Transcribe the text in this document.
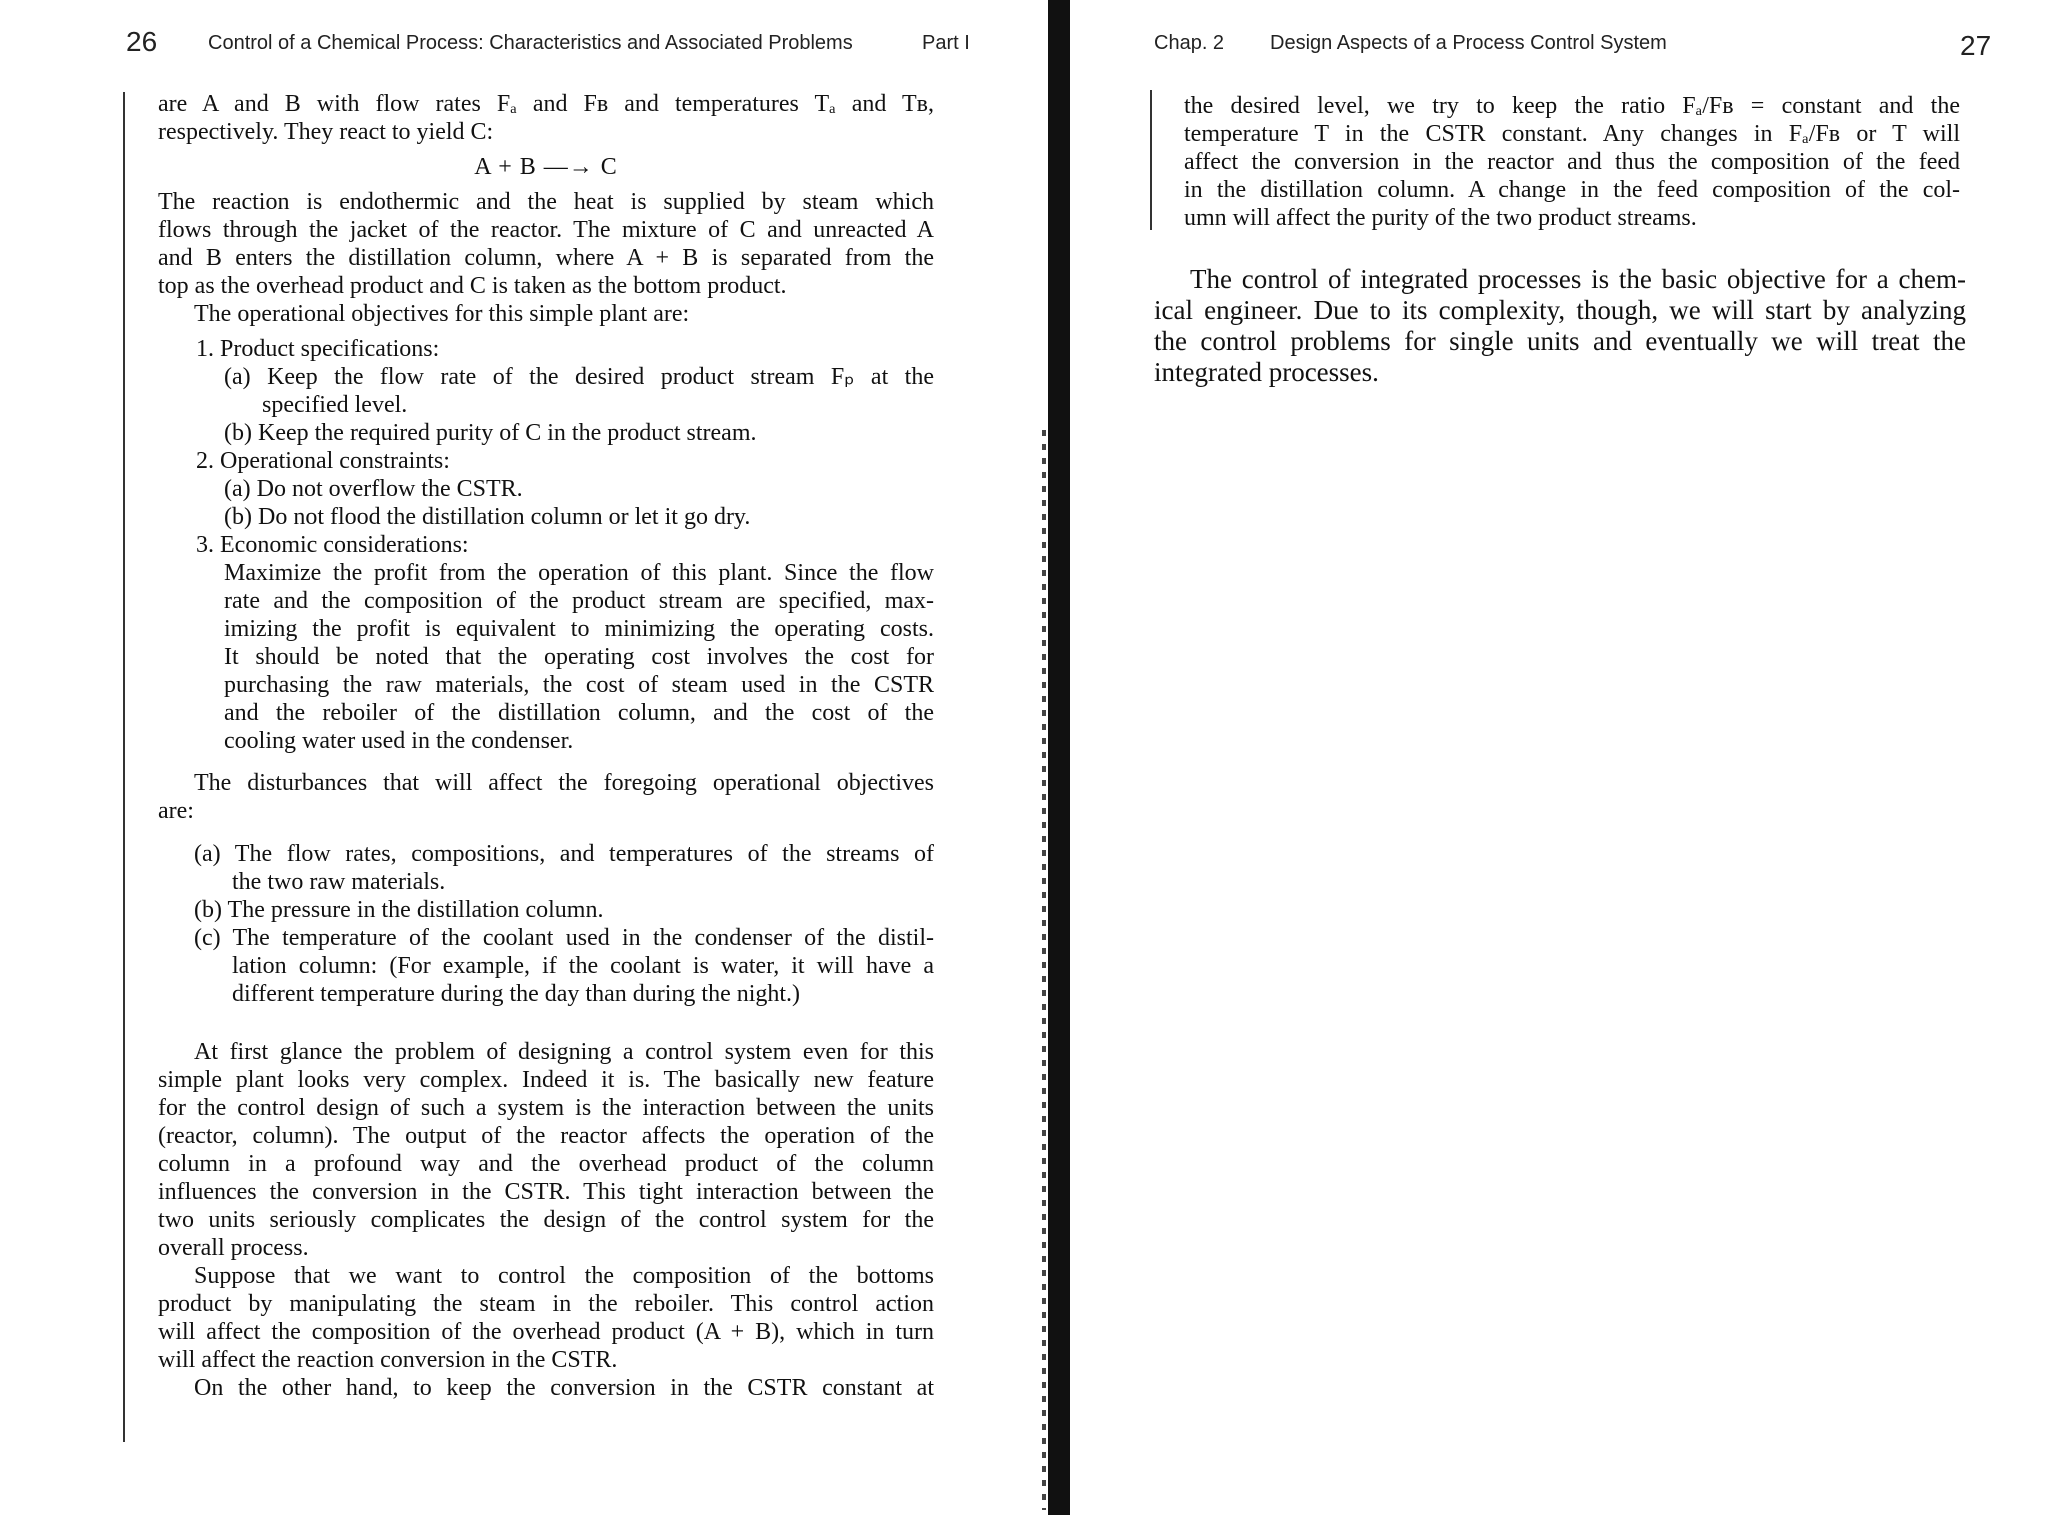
26	Control of a Chemical Process: Characteristics and Associated Problems	Part I

are A and B with flow rates Fₐ and Fʙ and temperatures Tₐ and Tʙ,

respectively. They react to yield C:

A + B —→ C

The reaction is endothermic and the heat is supplied by steam which

flows through the jacket of the reactor. The mixture of C and unreacted A

and B enters the distillation column, where A + B is separated from the

top as the overhead product and C is taken as the bottom product.

The operational objectives for this simple plant are:

1. Product specifications:

(a) Keep the flow rate of the desired product stream Fₚ at the

specified level.

(b) Keep the required purity of C in the product stream.

2. Operational constraints:

(a) Do not overflow the CSTR.

(b) Do not flood the distillation column or let it go dry.

3. Economic considerations:

Maximize the profit from the operation of this plant. Since the flow

rate and the composition of the product stream are specified, max-

imizing the profit is equivalent to minimizing the operating costs.

It should be noted that the operating cost involves the cost for

purchasing the raw materials, the cost of steam used in the CSTR

and the reboiler of the distillation column, and the cost of the

cooling water used in the condenser.

The disturbances that will affect the foregoing operational objectives

are:

(a) The flow rates, compositions, and temperatures of the streams of

the two raw materials.

(b) The pressure in the distillation column.

(c) The temperature of the coolant used in the condenser of the distil-

lation column: (For example, if the coolant is water, it will have a

different temperature during the day than during the night.)

At first glance the problem of designing a control system even for this

simple plant looks very complex. Indeed it is. The basically new feature

for the control design of such a system is the interaction between the units

(reactor, column). The output of the reactor affects the operation of the

column in a profound way and the overhead product of the column

influences the conversion in the CSTR. This tight interaction between the

two units seriously complicates the design of the control system for the

overall process.

Suppose that we want to control the composition of the bottoms

product by manipulating the steam in the reboiler. This control action

will affect the composition of the overhead product (A + B), which in turn

will affect the reaction conversion in the CSTR.

On the other hand, to keep the conversion in the CSTR constant at

Chap. 2 Design Aspects of a Process Control System	27

the desired level, we try to keep the ratio Fₐ/Fʙ = constant and the

temperature T in the CSTR constant. Any changes in Fₐ/Fʙ or T will

affect the conversion in the reactor and thus the composition of the feed

in the distillation column. A change in the feed composition of the col-

umn will affect the purity of the two product streams.

The control of integrated processes is the basic objective for a chem-

ical engineer. Due to its complexity, though, we will start by analyzing

the control problems for single units and eventually we will treat the

integrated processes.
